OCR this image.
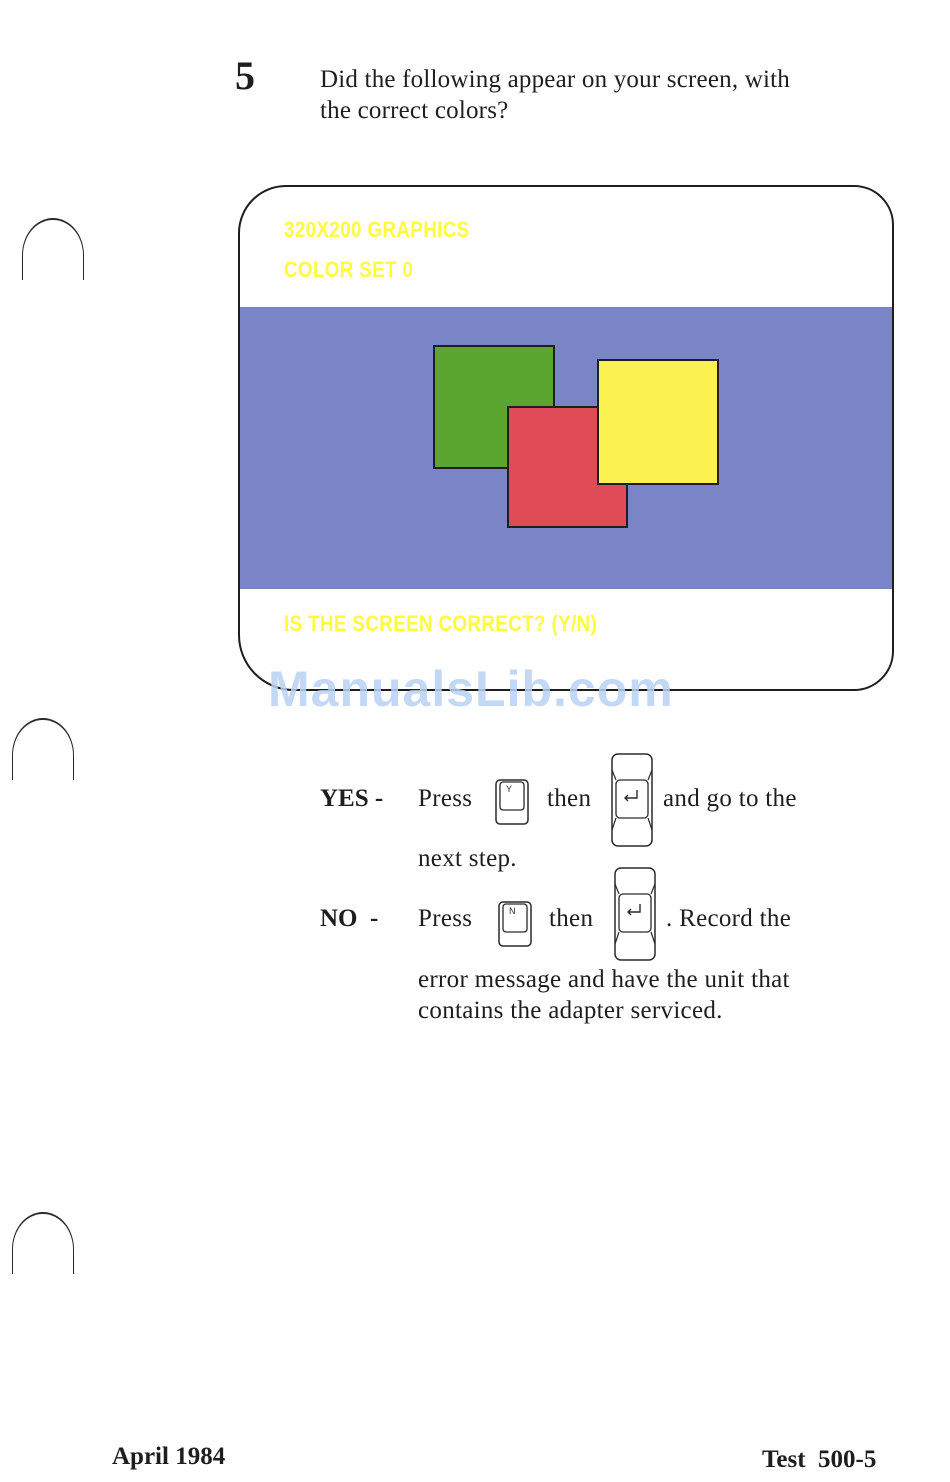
5	Did the following appear on your screen, with
the correct colors?
320X200 GRAPHICS
COLOR SET 0
IS THE SCREEN CORRECT? (Y/N)
ManualsLib.com
YES - Press	Y then	and go to the
next step.
NO  - Press	N then	. Record the
error message and have the unit that
contains the adapter serviced.
April 1984	Test  500-5
